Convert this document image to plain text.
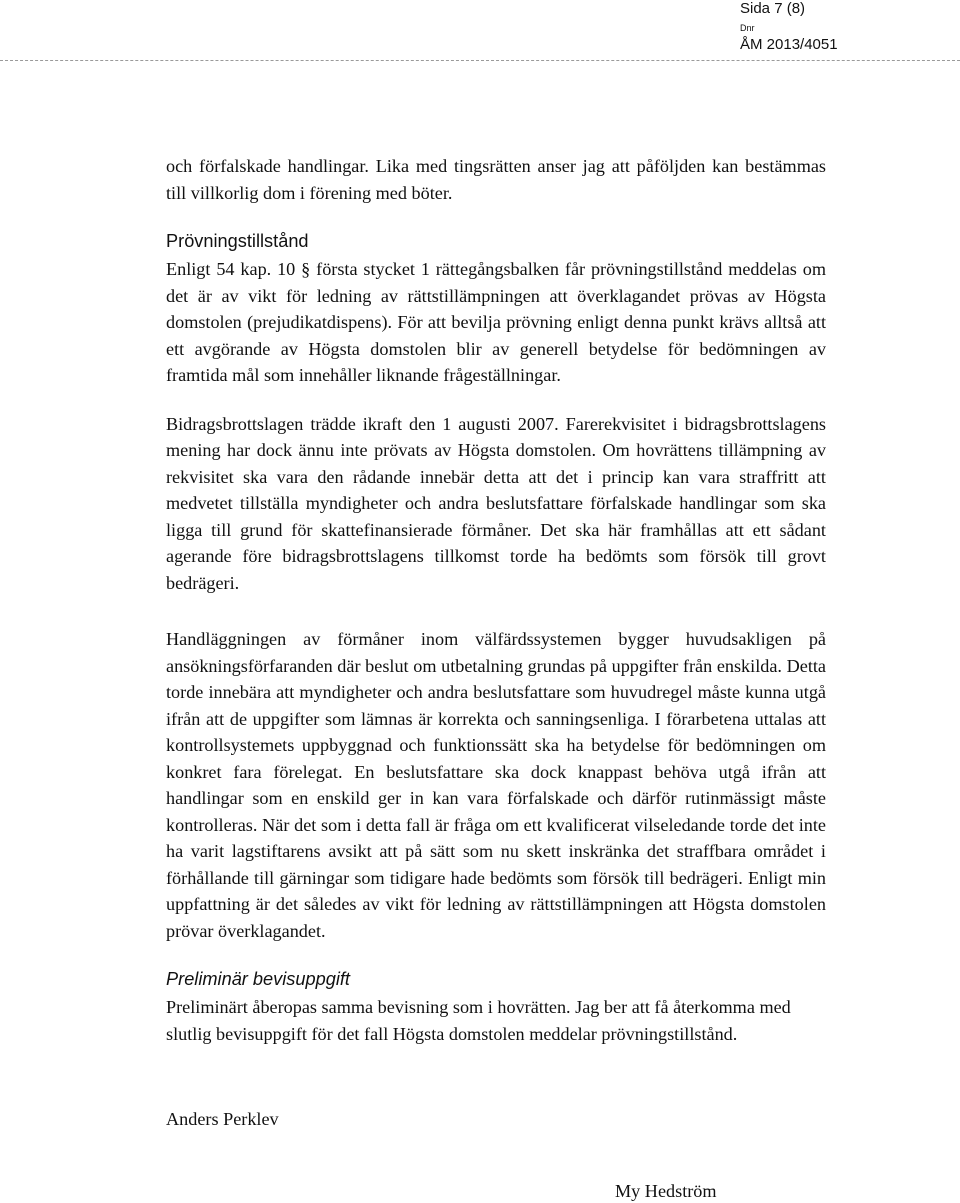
Sida 7 (8)
Dnr
ÅM 2013/4051

och förfalskade handlingar. Lika med tingsrätten anser jag att påföljden kan bestämmas till villkorlig dom i förening med böter.

Prövningstillstånd

Enligt 54 kap. 10 § första stycket 1 rättegångsbalken får prövningstillstånd meddelas om det är av vikt för ledning av rättstillämpningen att överklagandet prövas av Högsta domstolen (prejudikatdispens). För att bevilja prövning enligt denna punkt krävs alltså att ett avgörande av Högsta domstolen blir av generell betydelse för bedömningen av framtida mål som innehåller liknande frågeställningar.

Bidragsbrottslagen trädde ikraft den 1 augusti 2007. Farerekvisitet i bidragsbrottslagens mening har dock ännu inte prövats av Högsta domstolen. Om hovrättens tillämpning av rekvisitet ska vara den rådande innebär detta att det i princip kan vara straffritt att medvetet tillställa myndigheter och andra beslutsfattare förfalskade handlingar som ska ligga till grund för skattefinansierade förmåner. Det ska här framhållas att ett sådant agerande före bidragsbrottslagens tillkomst torde ha bedömts som försök till grovt bedrägeri.

Handläggningen av förmåner inom välfärdssystemen bygger huvudsakligen på ansökningsförfaranden där beslut om utbetalning grundas på uppgifter från enskilda. Detta torde innebära att myndigheter och andra beslutsfattare som huvudregel måste kunna utgå ifrån att de uppgifter som lämnas är korrekta och sanningsenliga. I förarbetena uttalas att kontrollsystemets uppbyggnad och funktionssätt ska ha betydelse för bedömningen om konkret fara förelegat. En beslutsfattare ska dock knappast behöva utgå ifrån att handlingar som en enskild ger in kan vara förfalskade och därför rutinmässigt måste kontrolleras. När det som i detta fall är fråga om ett kvalificerat vilseledande torde det inte ha varit lagstiftarens avsikt att på sätt som nu skett inskränka det straffbara området i förhållande till gärningar som tidigare hade bedömts som försök till bedrägeri. Enligt min uppfattning är det således av vikt för ledning av rättstillämpningen att Högsta domstolen prövar överklagandet.

Preliminär bevisuppgift

Preliminärt åberopas samma bevisning som i hovrätten. Jag ber att få återkomma med slutlig bevisuppgift för det fall Högsta domstolen meddelar prövningstillstånd.

Anders Perklev
My Hedström
